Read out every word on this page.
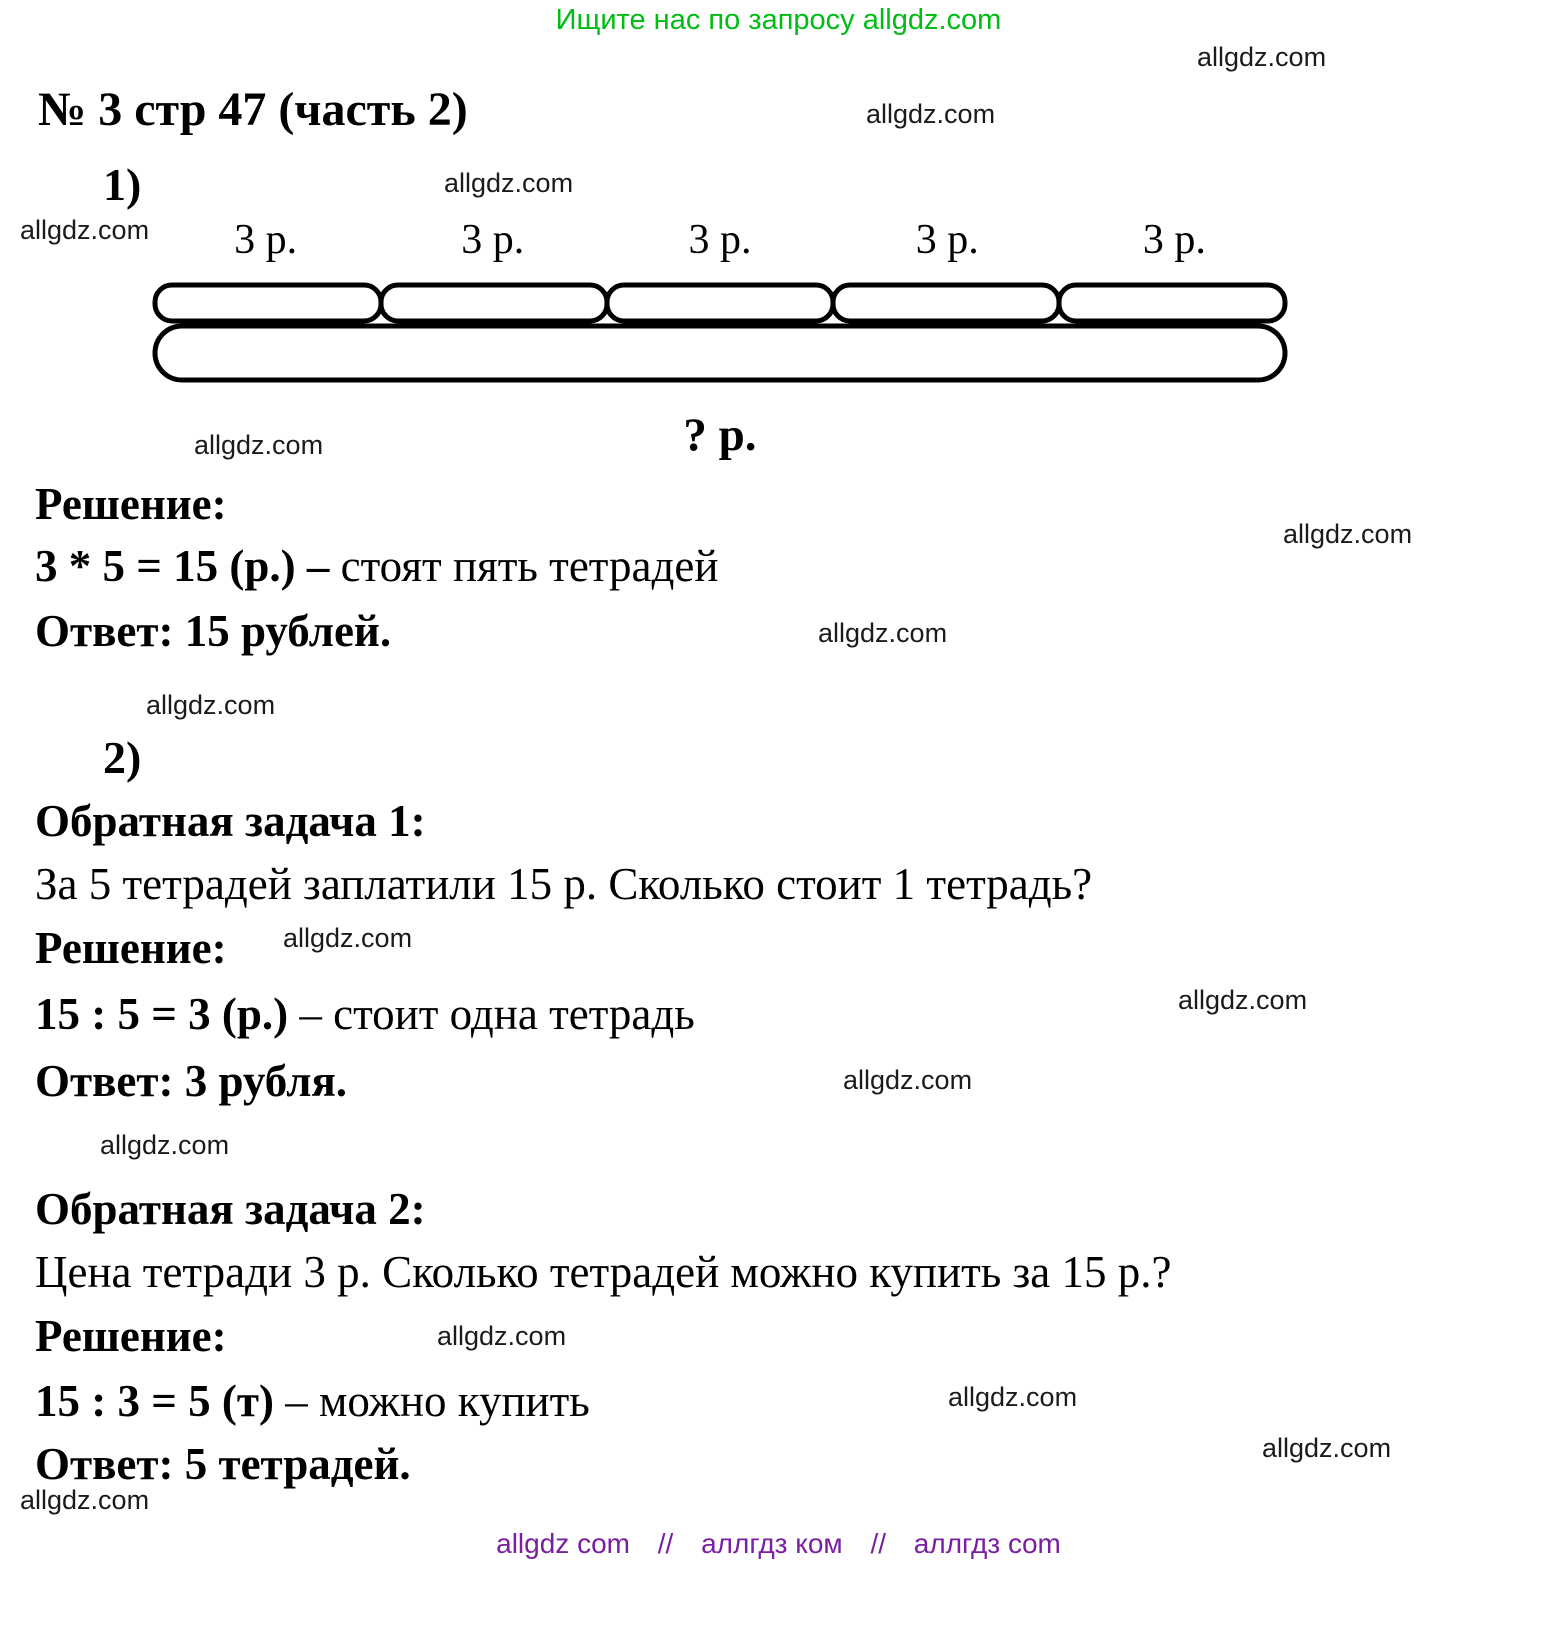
Ищите нас по запросу allgdz.com
allgdz.com
allgdz.com
allgdz.com
allgdz.com
allgdz.com
allgdz.com
allgdz.com
allgdz.com
allgdz.com
allgdz.com
allgdz.com
allgdz.com
allgdz.com
allgdz.com
allgdz.com
allgdz.com
№ 3 стр 47 (часть 2)
1)
3 р.	3 р.	3 р.	3 р.	3 р.
? р.
Решение:
3 * 5 = 15 (р.) – стоят пять тетрадей
Ответ: 15 рублей.
2)
Обратная задача 1:
За 5 тетрадей заплатили 15 р. Сколько стоит 1 тетрадь?
Решение:
15 : 5 = 3 (р.) – стоит одна тетрадь
Ответ: 3 рубля.
Обратная задача 2:
Цена тетради 3 р. Сколько тетрадей можно купить за 15 р.?
Решение:
15 : 3 = 5 (т) – можно купить
Ответ: 5 тетрадей.
allgdz com // аллгдз ком // аллгдз com
